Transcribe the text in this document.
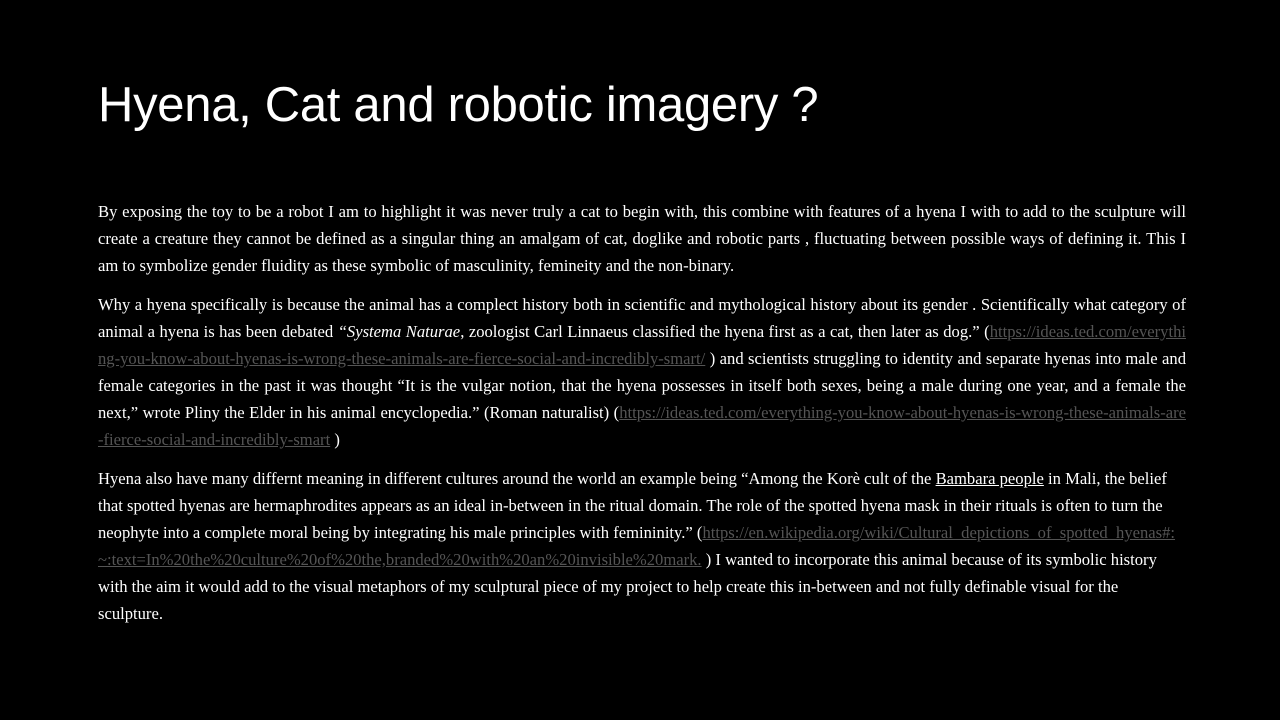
Hyena, Cat and robotic imagery ?

By exposing the toy to be a robot I am to highlight it was never truly a cat to begin with, this combine with features of a hyena I with to add to the sculpture will create a creature they cannot be defined as a singular thing an amalgam of cat, doglike and robotic parts , fluctuating between possible ways of defining it. This I am to symbolize gender fluidity as these symbolic of masculinity, femineity and the non-binary.

Why a hyena specifically is because the animal has a complect history both in scientific and mythological history about its gender . Scientifically what category of animal a hyena is has been debated “Systema Naturae, zoologist Carl Linnaeus classified the hyena first as a cat, then later as dog.” (https://ideas.ted.com/everything-you-know-about-hyenas-is-wrong-these-animals-are-fierce-social-and-incredibly-smart/ ) and scientists struggling to identity and separate hyenas into male and female categories in the past it was thought “It is the vulgar notion, that the hyena possesses in itself both sexes, being a male during one year, and a female the next,” wrote Pliny the Elder in his animal encyclopedia.” (Roman naturalist) (https://ideas.ted.com/everything-you-know-about-hyenas-is-wrong-these-animals-are-fierce-social-and-incredibly-smart )

Hyena also have many differnt meaning in different cultures around the world an example being “Among the Korè cult of the Bambara people in Mali, the belief that spotted hyenas are hermaphrodites appears as an ideal in-between in the ritual domain. The role of the spotted hyena mask in their rituals is often to turn the neophyte into a complete moral being by integrating his male principles with femininity.” (https://en.wikipedia.org/wiki/Cultural_depictions_of_spotted_hyenas#:~:text=In%20the%20culture%20of%20the,branded%20with%20an%20invisible%20mark. ) I wanted to incorporate this animal because of its symbolic history with the aim it would add to the visual metaphors of my sculptural piece of my project to help create this in-between and not fully definable visual for the sculpture.
